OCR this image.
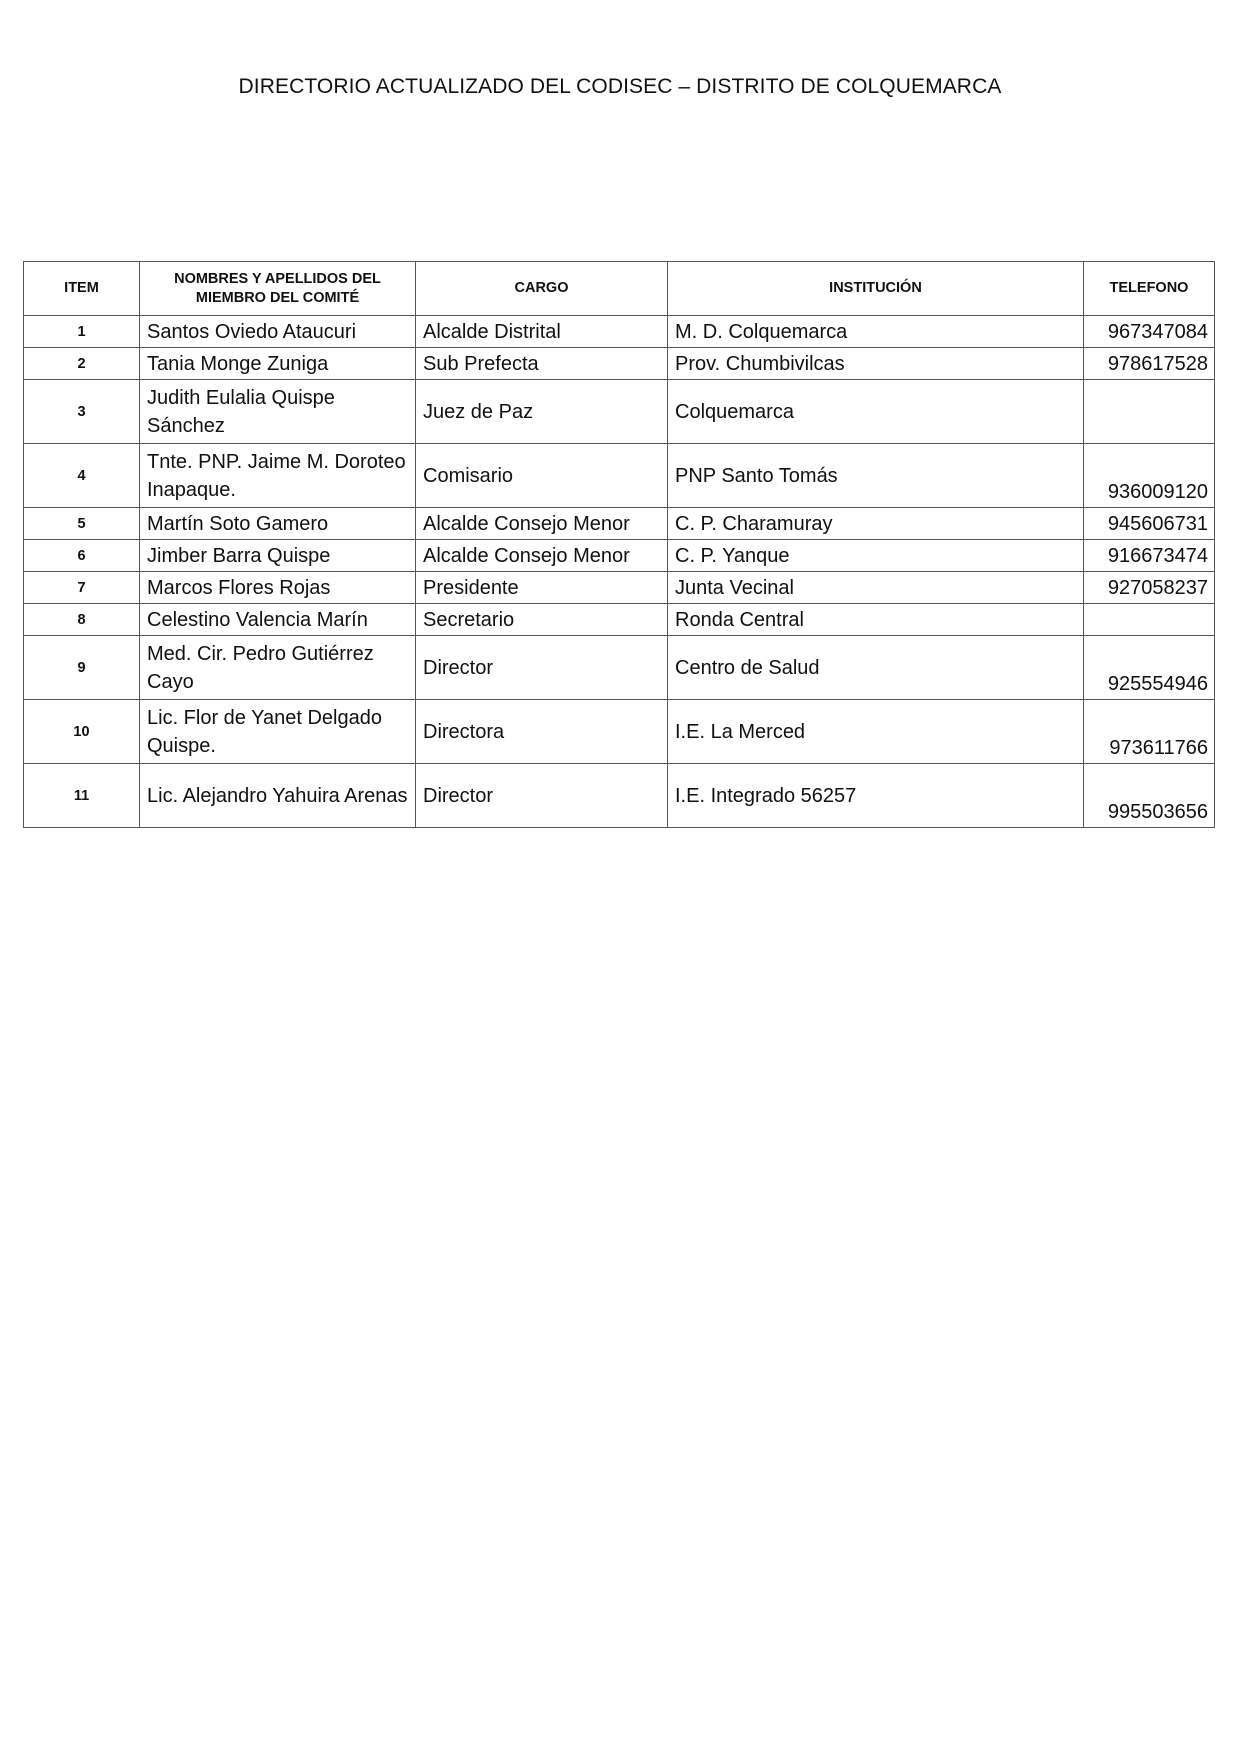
DIRECTORIO ACTUALIZADO DEL CODISEC – DISTRITO DE COLQUEMARCA
ITEM	NOMBRES Y APELLIDOS DEL MIEMBRO DEL COMITÉ	CARGO	INSTITUCIÓN	TELEFONO
1	Santos Oviedo Ataucuri	Alcalde Distrital	M. D. Colquemarca	967347084
2	Tania Monge Zuniga	Sub Prefecta	Prov. Chumbivilcas	978617528
3	Judith Eulalia Quispe Sánchez	Juez de Paz	Colquemarca	
4	Tnte. PNP. Jaime M. Doroteo Inapaque.	Comisario	PNP Santo Tomás	936009120
5	Martín Soto Gamero	Alcalde Consejo Menor	C. P. Charamuray	945606731
6	Jimber Barra Quispe	Alcalde Consejo Menor	C. P. Yanque	916673474
7	Marcos Flores Rojas	Presidente	Junta Vecinal	927058237
8	Celestino Valencia Marín	Secretario	Ronda Central	
9	Med. Cir. Pedro Gutiérrez Cayo	Director	Centro de Salud	925554946
10	Lic. Flor de Yanet Delgado Quispe.	Directora	I.E. La Merced	973611766
11	Lic. Alejandro Yahuira Arenas	Director	I.E. Integrado 56257	995503656
